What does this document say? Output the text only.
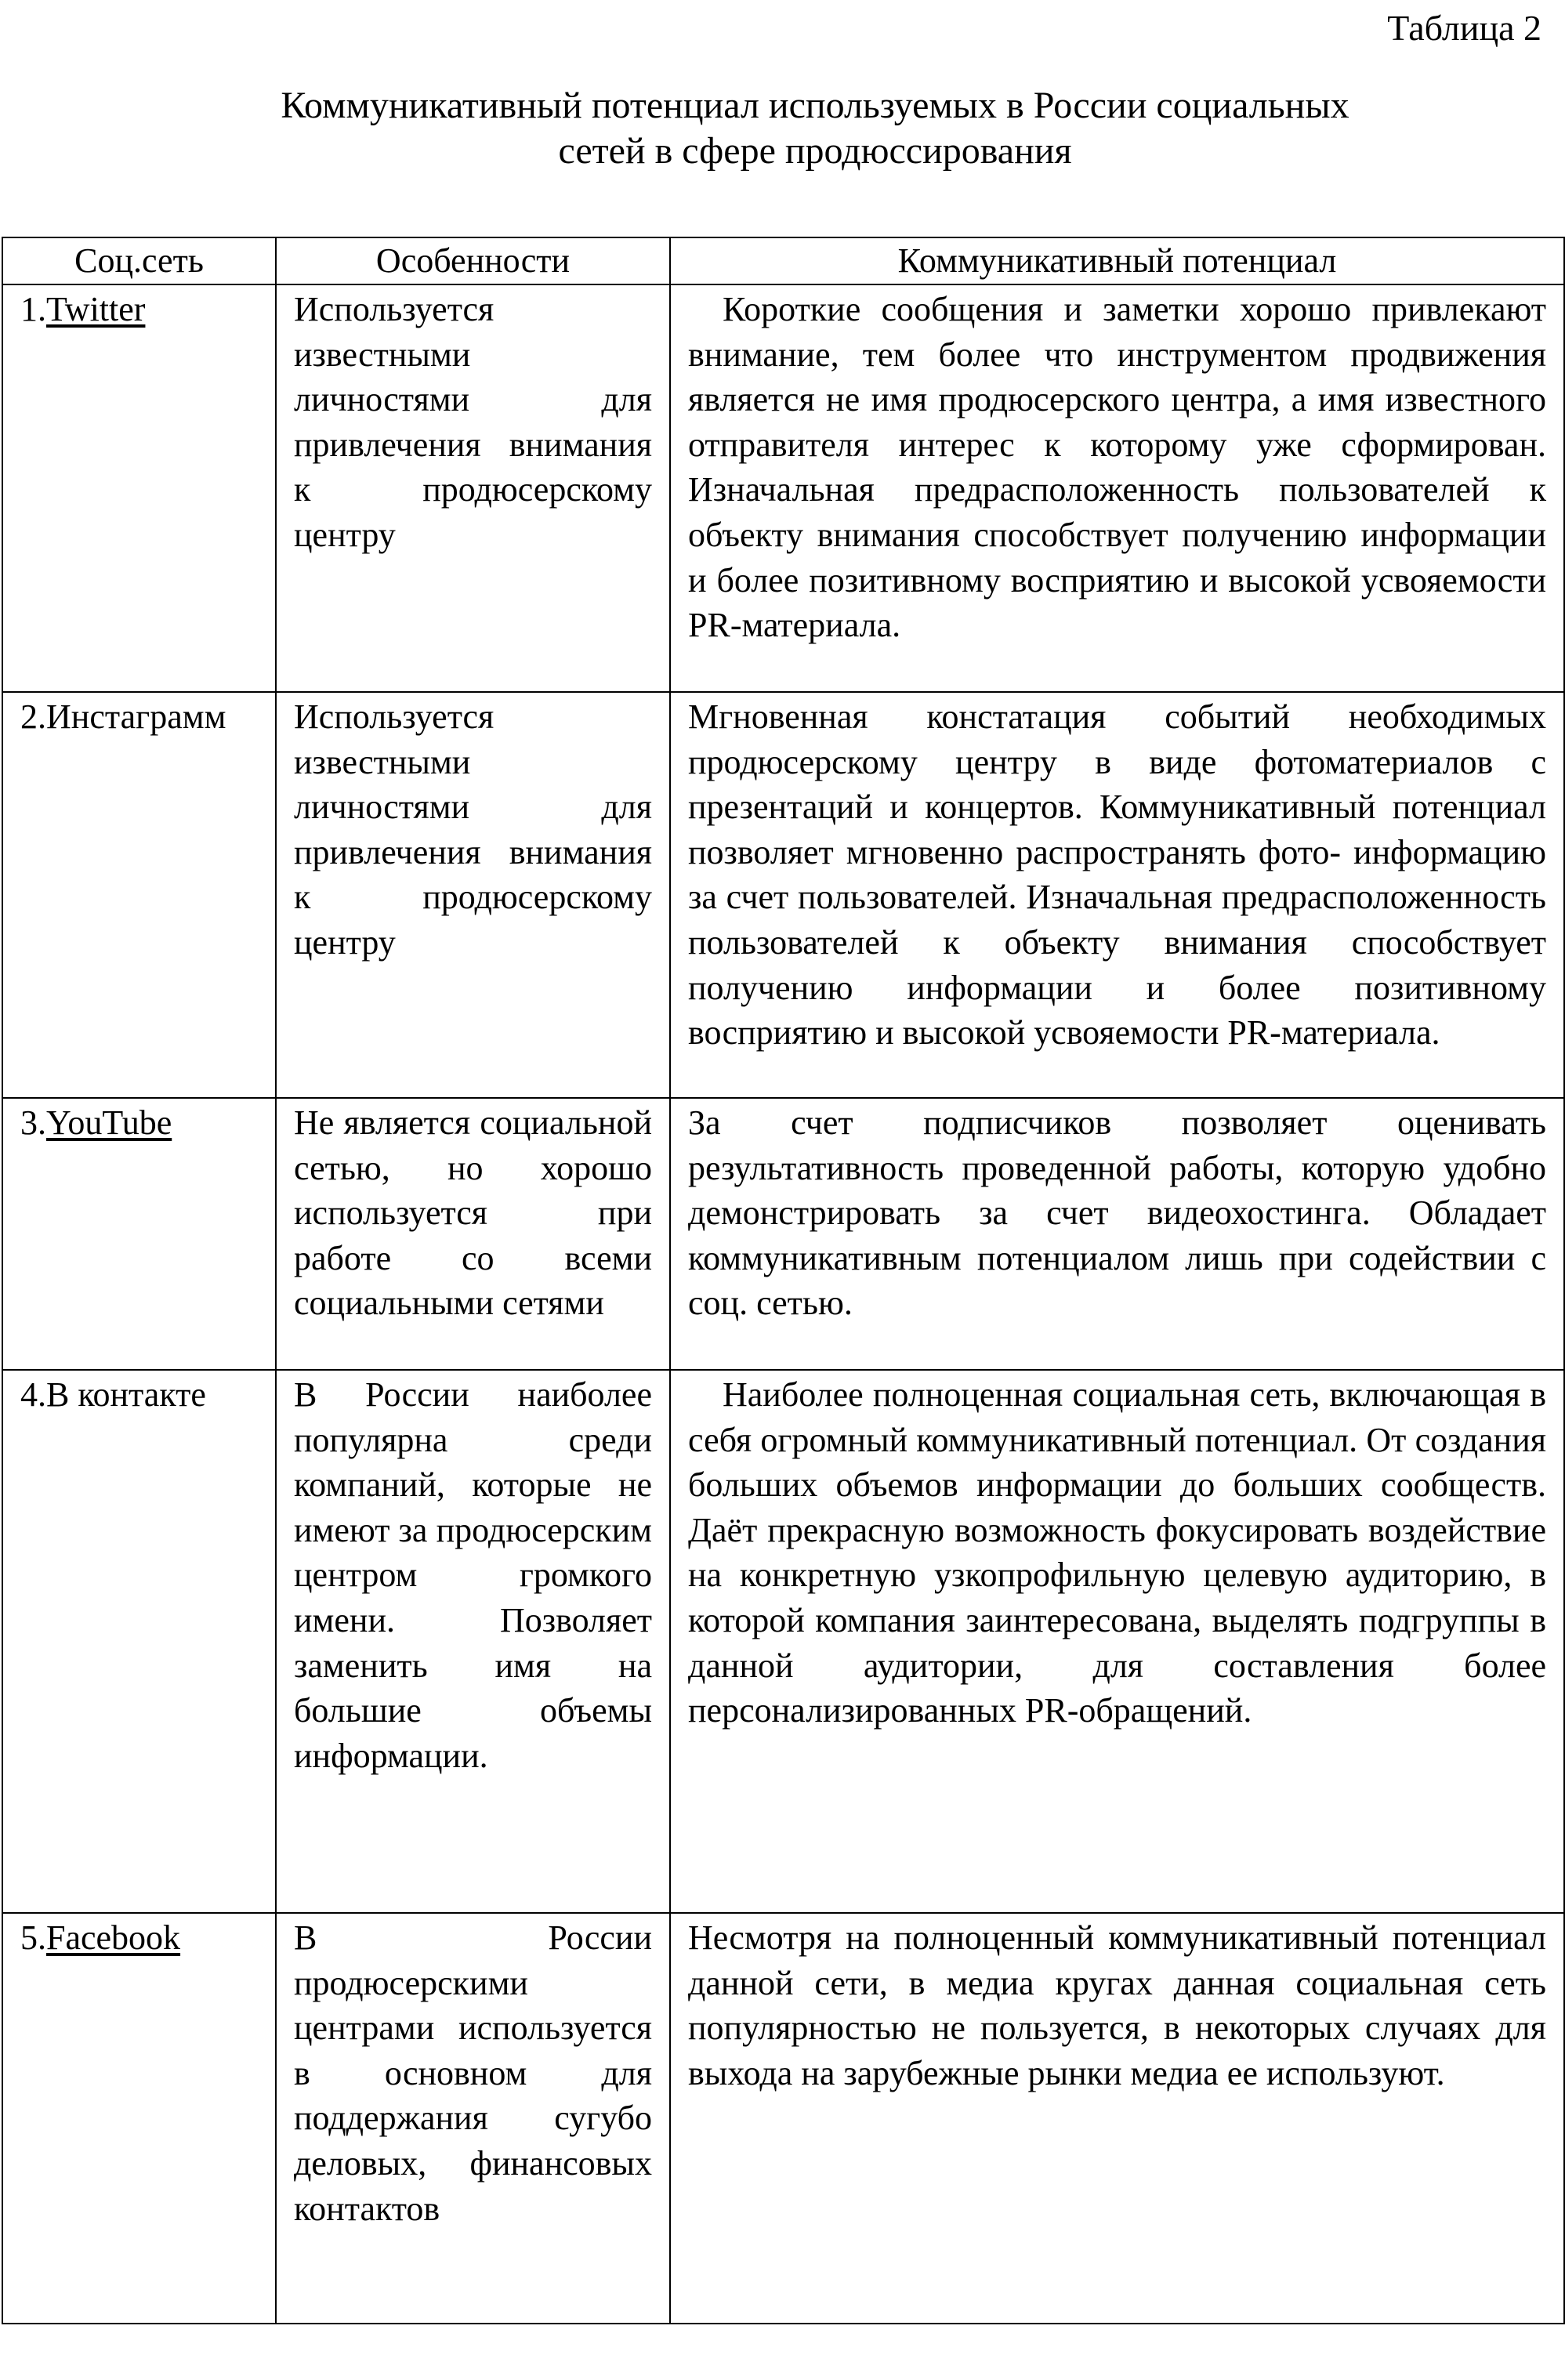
Таблица 2
Коммуникативный потенциал используемых в России социальных
сетей в сфере продюссирования
Соц.сеть	Особенности	Коммуникативный потенциал
1.Twitter	Используется известными личностями для привлечения внимания к продюсерскому центру	Короткие сообщения и заметки хорошо привлекают внимание, тем более что инструментом продвижения является не имя продюсерского центра, а имя известного отправителя интерес к которому уже сформирован. Изначальная предрасположенность пользователей к объекту внимания способствует получению информации и более позитивному восприятию и высокой усвояемости PR-материала.
2.Инстаграмм	Используется известными личностями для привлечения внимания к продюсерскому центру	Мгновенная констатация событий необходимых продюсерскому центру в виде фотоматериалов с презентаций и концертов. Коммуникативный потенциал позволяет мгновенно распространять фото- информацию за счет пользователей. Изначальная предрасположенность пользователей к объекту внимания способствует получению информации и более позитивному восприятию и высокой усвояемости PR-материала.
3.YouTube	Не является социальной сетью, но хорошо используется при работе со всеми социальными сетями	За счет подписчиков позволяет оценивать результативность проведенной работы, которую удобно демонстрировать за счет видеохостинга. Обладает коммуникативным потенциалом лишь при содействии с соц. сетью.
4.В контакте	В России наиболее популярна среди компаний, которые не имеют за продюсерским центром громкого имени. Позволяет заменить имя на большие объемы информации.	Наиболее полноценная социальная сеть, включающая в себя огромный коммуникативный потенциал. От создания больших объемов информации до больших сообществ. Даёт прекрасную возможность фокусировать воздействие на конкретную узкопрофильную целевую аудиторию, в которой компания заинтересована, выделять подгруппы в данной аудитории, для составления более персонализированных PR-обращений.
5.Facebook	В России продюсерскими центрами используется в основном для поддержания сугубо деловых, финансовых контактов	Несмотря на полноценный коммуникативный потенциал данной сети, в медиа кругах данная социальная сеть популярностью не пользуется, в некоторых случаях для выхода на зарубежные рынки медиа ее используют.
